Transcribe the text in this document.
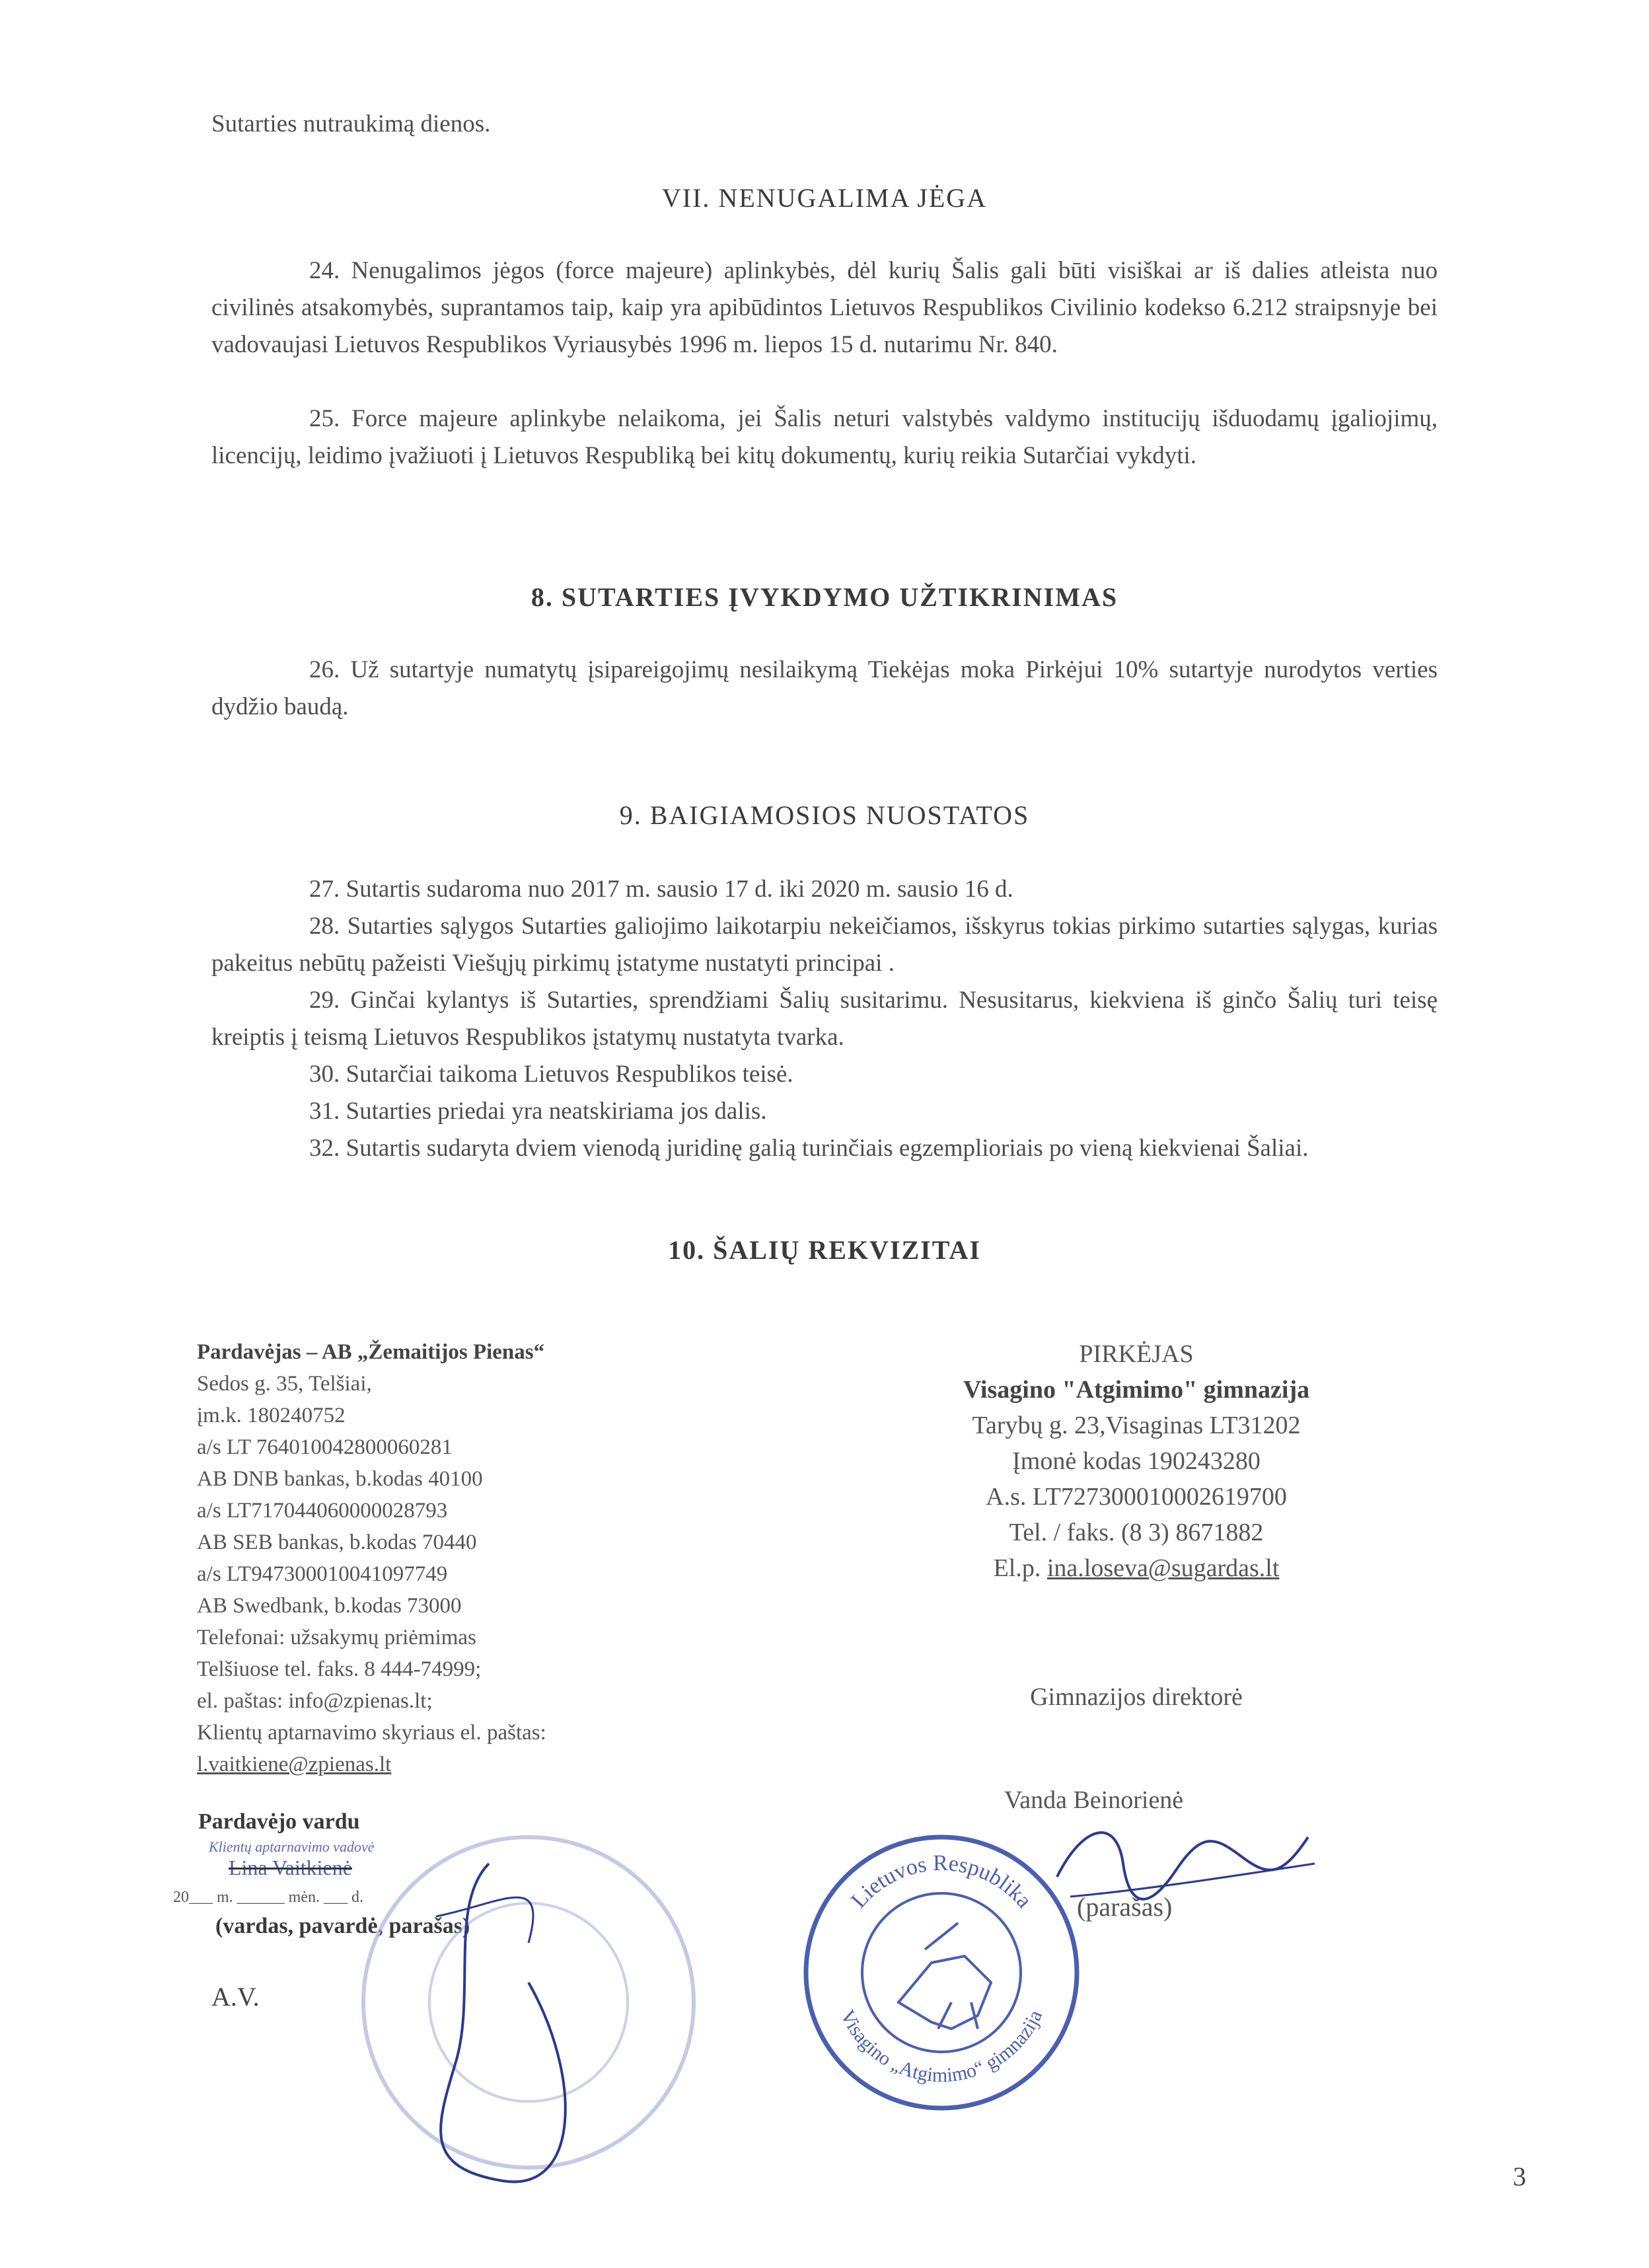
Sutarties nutraukimą dienos.
VII. NENUGALIMA JĖGA
24. Nenugalimos jėgos (force majeure) aplinkybės, dėl kurių Šalis gali būti visiškai ar iš dalies atleista nuo civilinės atsakomybės, suprantamos taip, kaip yra apibūdintos Lietuvos Respublikos Civilinio kodekso 6.212 straipsnyje bei vadovaujasi Lietuvos Respublikos Vyriausybės 1996 m. liepos 15 d. nutarimu Nr. 840.
25. Force majeure aplinkybe nelaikoma, jei Šalis neturi valstybės valdymo institucijų išduodamų įgaliojimų, licencijų, leidimo įvažiuoti į Lietuvos Respubliką bei kitų dokumentų, kurių reikia Sutarčiai vykdyti.
8. SUTARTIES ĮVYKDYMO UŽTIKRINIMAS
26. Už sutartyje numatytų įsipareigojimų nesilaikymą Tiekėjas moka Pirkėjui 10% sutartyje nurodytos verties dydžio baudą.
9. BAIGIAMOSIOS NUOSTATOS
27. Sutartis sudaroma nuo 2017 m. sausio 17 d. iki 2020 m. sausio 16 d.
28. Sutarties sąlygos Sutarties galiojimo laikotarpiu nekeičiamos, išskyrus tokias pirkimo sutarties sąlygas, kurias pakeitus nebūtų pažeisti Viešųjų pirkimų įstatyme nustatyti principai .
29. Ginčai kylantys iš Sutarties, sprendžiami Šalių susitarimu. Nesusitarus, kiekviena iš ginčo Šalių turi teisę kreiptis į teismą Lietuvos Respublikos įstatymų nustatyta tvarka.
30. Sutarčiai taikoma Lietuvos Respublikos teisė.
31. Sutarties priedai yra neatskiriama jos dalis.
32. Sutartis sudaryta dviem vienodą juridinę galią turinčiais egzemplioriais po vieną kiekvienai Šaliai.
10. ŠALIŲ REKVIZITAI
Pardavėjas – AB „Žemaitijos Pienas“
Sedos g. 35, Telšiai,
įm.k. 180240752
a/s LT 764010042800060281
AB DNB bankas, b.kodas 40100
a/s LT717044060000028793
AB SEB bankas, b.kodas 70440
a/s LT947300010041097749
AB Swedbank, b.kodas 73000
Telefonai: užsakymų priėmimas
Telšiuose tel. faks. 8 444-74999;
el. paštas: info@zpienas.lt;
Klientų aptarnavimo skyriaus el. paštas:
l.vaitkiene@zpienas.lt
Pardavėjo vardu
Klientų aptarnavimo vadovė
Lina Vaitkienė
20___ m. ______ mėn. ___ d.
(vardas, pavardė, parašas)
A.V.
PIRKĖJAS
Visagino "Atgimimo" gimnazija
Tarybų g. 23,Visaginas LT31202
Įmonė kodas 190243280
A.s. LT727300010002619700
Tel. / faks. (8 3) 8671882
El.p. ina.loseva@sugardas.lt
Gimnazijos direktorė
Vanda Beinorienė
(parašas)
Lietuvos Respublika
Visagino „Atgimimo“ gimnazija
3
